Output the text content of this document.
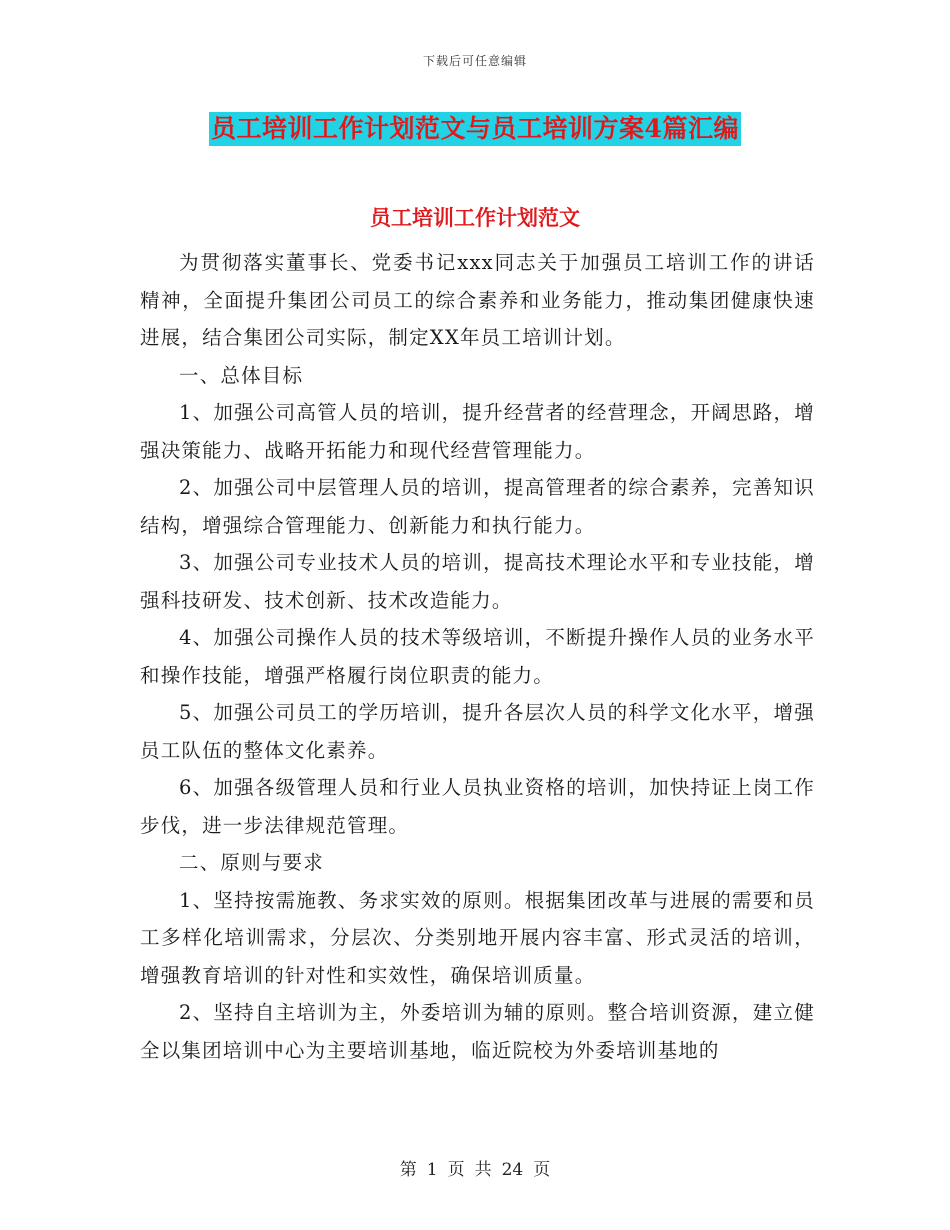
下载后可任意编辑
员工培训工作计划范文与员工培训方案4篇汇编
员工培训工作计划范文

为贯彻落实董事长、党委书记xxx同志关于加强员工培训工作的讲话精神，全面提升集团公司员工的综合素养和业务能力，推动集团健康快速进展，结合集团公司实际，制定XX年员工培训计划。

一、总体目标

1、加强公司高管人员的培训，提升经营者的经营理念，开阔思路，增强决策能力、战略开拓能力和现代经营管理能力。

2、加强公司中层管理人员的培训，提高管理者的综合素养，完善知识结构，增强综合管理能力、创新能力和执行能力。

3、加强公司专业技术人员的培训，提高技术理论水平和专业技能，增强科技研发、技术创新、技术改造能力。

4、加强公司操作人员的技术等级培训，不断提升操作人员的业务水平和操作技能，增强严格履行岗位职责的能力。

5、加强公司员工的学历培训，提升各层次人员的科学文化水平，增强员工队伍的整体文化素养。

6、加强各级管理人员和行业人员执业资格的培训，加快持证上岗工作步伐，进一步法律规范管理。

二、原则与要求

1、坚持按需施教、务求实效的原则。根据集团改革与进展的需要和员工多样化培训需求，分层次、分类别地开展内容丰富、形式灵活的培训，增强教育培训的针对性和实效性，确保培训质量。

2、坚持自主培训为主，外委培训为辅的原则。整合培训资源，建立健全以集团培训中心为主要培训基地，临近院校为外委培训基地的

第 1 页 共 24 页
